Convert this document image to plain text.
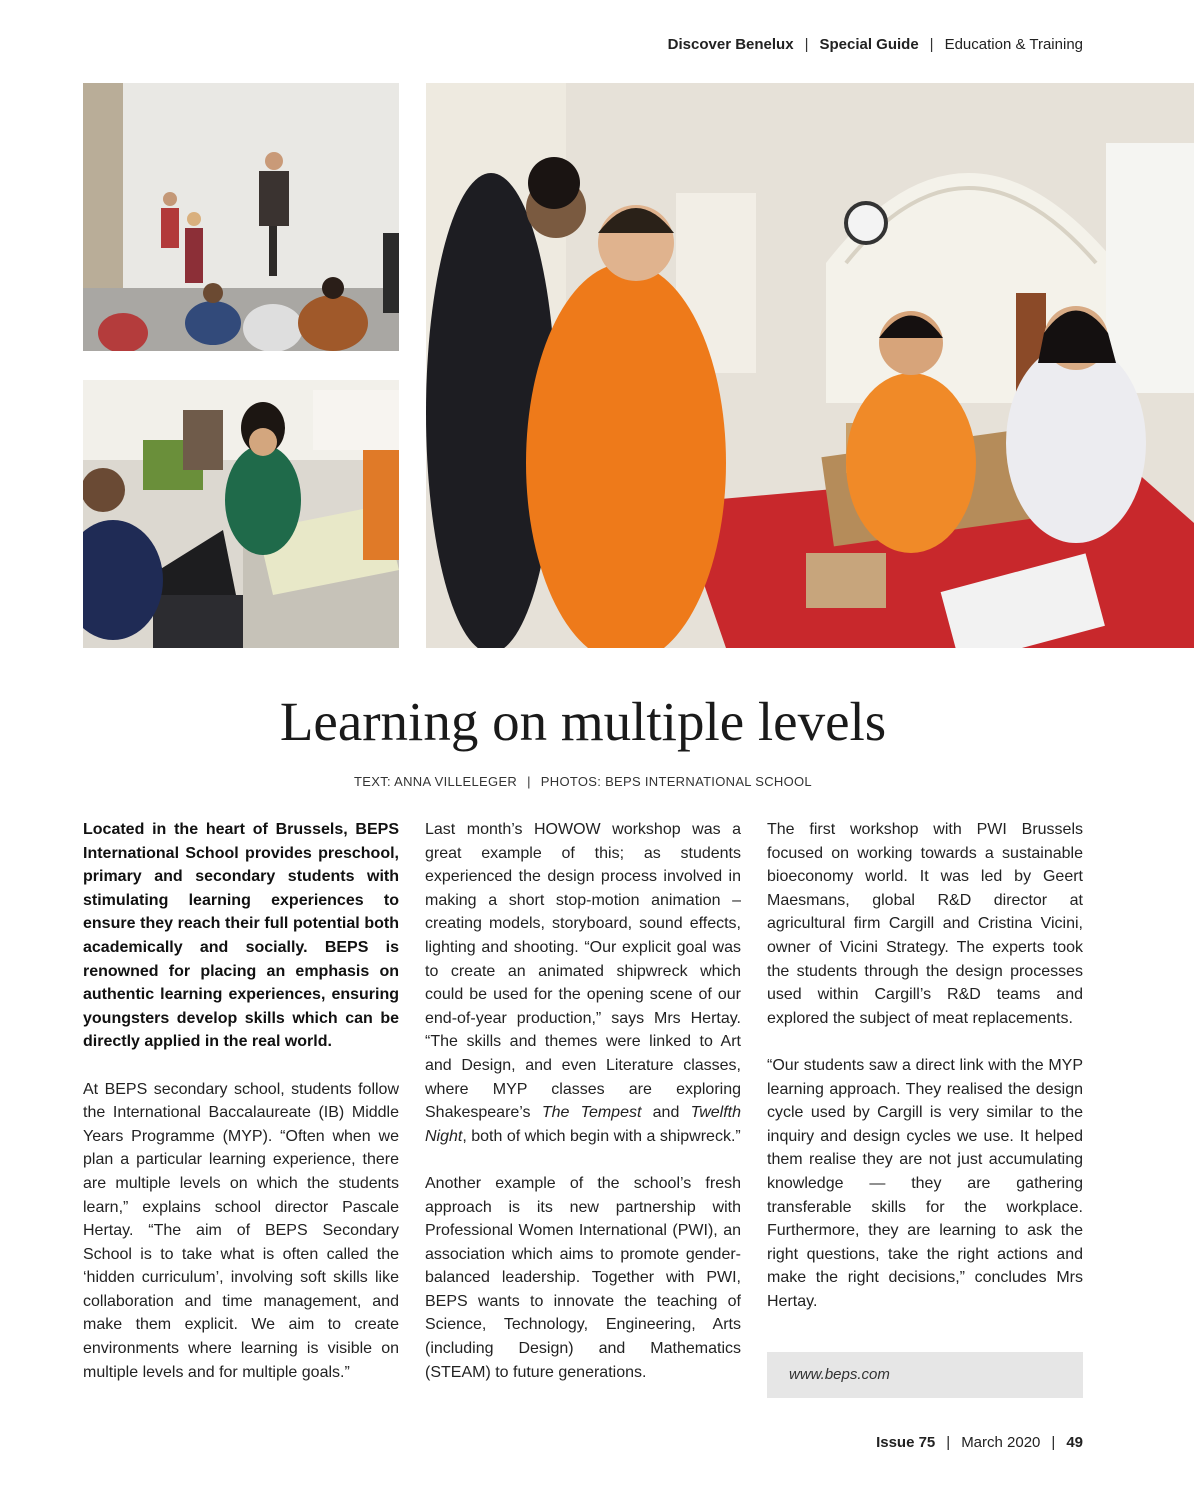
Discover Benelux | Special Guide | Education & Training
Learning on multiple levels
TEXT: ANNA VILLELEGER | PHOTOS: BEPS INTERNATIONAL SCHOOL

Located in the heart of Brussels, BEPS International School provides preschool, primary and secondary students with stimulating learning experiences to ensure they reach their full potential both academically and socially. BEPS is renowned for placing an emphasis on authentic learning experiences, ensuring youngsters develop skills which can be directly applied in the real world.

At BEPS secondary school, students follow the International Baccalaureate (IB) Middle Years Programme (MYP). “Often when we plan a particular learning experience, there are multiple levels on which the students learn,” explains school director Pascale Hertay. “The aim of BEPS Secondary School is to take what is often called the ‘hidden curriculum’, involving soft skills like collaboration and time management, and make them explicit. We aim to create environments where learning is visible on multiple levels and for multiple goals.”

Last month’s HOWOW workshop was a great example of this; as students experienced the design process involved in making a short stop-motion animation – creating models, storyboard, sound effects, lighting and shooting. “Our explicit goal was to create an animated shipwreck which could be used for the opening scene of our end-of-year production,” says Mrs Hertay. “The skills and themes were linked to Art and Design, and even Literature classes, where MYP classes are exploring Shakespeare’s The Tempest and Twelfth Night, both of which begin with a shipwreck.”

Another example of the school’s fresh approach is its new partnership with Professional Women International (PWI), an association which aims to promote gender-balanced leadership. Together with PWI, BEPS wants to innovate the teaching of Science, Technology, Engineering, Arts (including Design) and Mathematics (STEAM) to future generations.

The first workshop with PWI Brussels focused on working towards a sustainable bioeconomy world. It was led by Geert Maesmans, global R&D director at agricultural firm Cargill and Cristina Vicini, owner of Vicini Strategy. The experts took the students through the design processes used within Cargill’s R&D teams and explored the subject of meat replacements.

“Our students saw a direct link with the MYP learning approach. They realised the design cycle used by Cargill is very similar to the inquiry and design cycles we use. It helped them realise they are not just accumulating knowledge — they are gathering transferable skills for the workplace. Furthermore, they are learning to ask the right questions, take the right actions and make the right decisions,” concludes Mrs Hertay.

www.beps.com
Issue 75 | March 2020 | 49
